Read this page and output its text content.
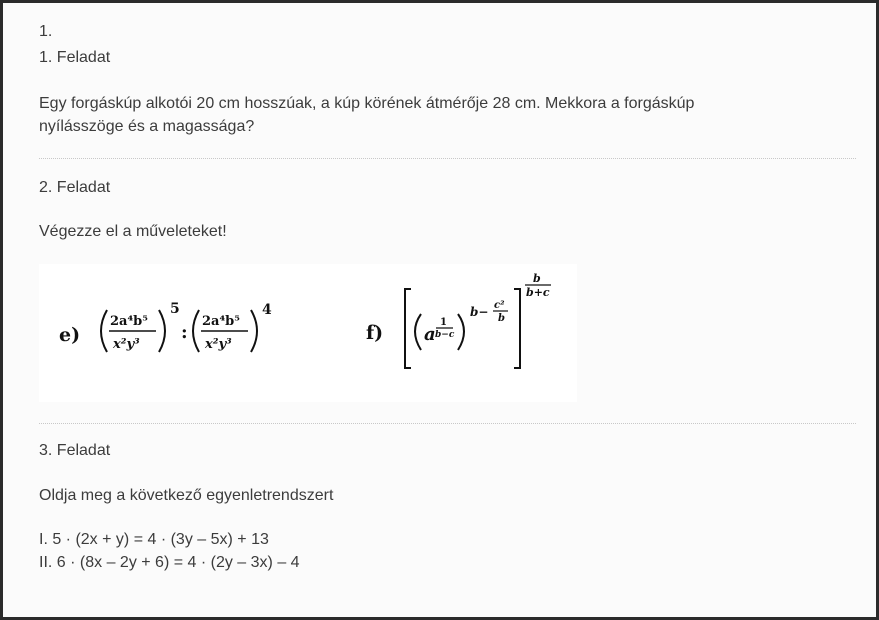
1.
1. Feladat
Egy forgáskúp alkotói 20 cm hosszúak, a kúp körének átmérője 28 cm. Mekkora a forgáskúp
nyílásszöge és a magassága?
2. Feladat
Végezze el a műveleteket!
e)
2a⁴b⁵
x²y³
5
:
2a⁴b⁵
x²y³
4
f) a
1
b−c
b− c²
b
b
b+c
3. Feladat
Oldja meg a következő egyenletrendszert
I. 5 · (2x + y) = 4 · (3y – 5x) + 13
II. 6 · (8x – 2y + 6) = 4 · (2y – 3x) – 4
